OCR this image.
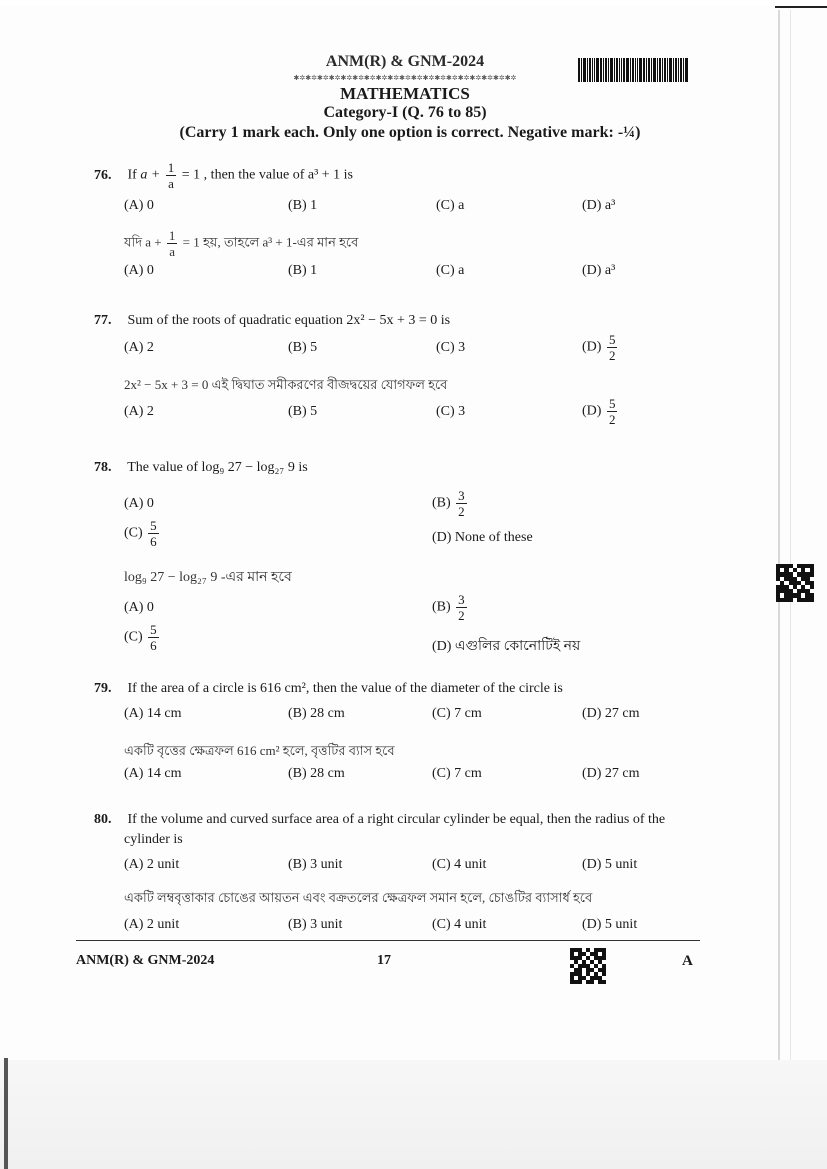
ANM(R) & GNM-2024
✱✲✱✲✱✲✱✲✱✲✱✲✱✲✱✲✱✲✱✲✱✲✱✲✱✲✱✲✱✲✱✲✱✲✱✲✱✲
MATHEMATICS
Category-I (Q. 76 to 85)
(Carry 1 mark each. Only one option is correct. Negative mark: -¼)
76. If $a + \frac{1}{a} = 1$ , then the value of a³ + 1 is
(A) 0	(B) 1	(C) a	(D) a³
যদি $a + \frac{1}{a} = 1$ হয়, তাহলে a³ + 1-এর মান হবে
(A) 0	(B) 1	(C) a	(D) a³
77. Sum of the roots of quadratic equation 2x² − 5x + 3 = 0 is
(A) 2	(B) 5	(C) 3	$(D) \frac{5}{2}$
2x² − 5x + 3 = 0 এই দ্বিঘাত সমীকরণের বীজদ্বয়ের যোগফল হবে
(A) 2	(B) 5	(C) 3	$(D) \frac{5}{2}$
78. The value of log₉ 27 − log₂₇ 9 is
(A) 0	$(B) \frac{3}{2}$
$(C) \frac{5}{6}$	(D) None of these
log₉ 27 − log₂₇ 9 -এর মান হবে
(A) 0	$(B) \frac{3}{2}$
$(C) \frac{5}{6}$	(D) এগুলির কোনোটিই নয়
79. If the area of a circle is 616 cm², then the value of the diameter of the circle is
(A) 14 cm	(B) 28 cm	(C) 7 cm	(D) 27 cm
একটি বৃত্তের ক্ষেত্রফল 616 cm² হলে, বৃত্তটির ব্যাস হবে
(A) 14 cm	(B) 28 cm	(C) 7 cm	(D) 27 cm
80. If the volume and curved surface area of a right circular cylinder be equal, then the radius of the
cylinder is
(A) 2 unit	(B) 3 unit	(C) 4 unit	(D) 5 unit
একটি লম্ববৃত্তাকার চোঙের আয়তন এবং বক্রতলের ক্ষেত্রফল সমান হলে, চোঙটির ব্যাসার্ধ হবে
(A) 2 unit	(B) 3 unit	(C) 4 unit	(D) 5 unit
ANM(R) & GNM-2024	17	A
